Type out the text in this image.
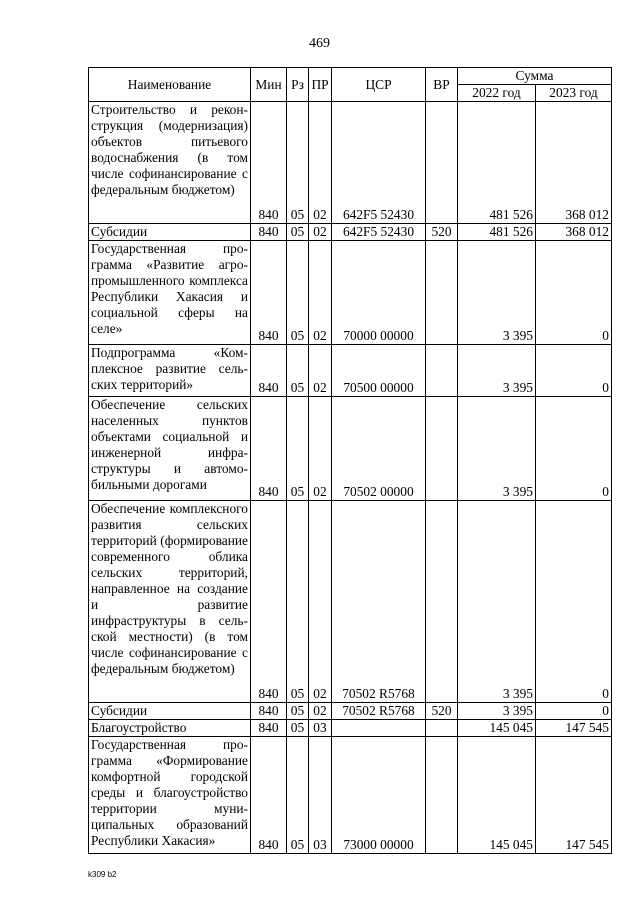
469
Наименование	Мин	Рз	ПР	ЦСР	ВР	Сумма	
						2022 год	2023 год
Строительство и реконструкция (модернизация) объектов питьевого водоснабжения (в том числе софинансирование с федеральным бюджетом)	840	05	02	642F5 52430		481 526	368 012
Субсидии	840	05	02	642F5 52430	520	481 526	368 012
Государственная программа «Развитие агропромышленного комплекса Республики Хакасия и социальной сферы на селе»	840	05	02	70000 00000		3 395	0
Подпрограмма «Комплексное развитие сельских территорий»	840	05	02	70500 00000		3 395	0
Обеспечение сельских населенных пунктов объектами социальной и инженерной инфраструктуры и автомобильными дорогами	840	05	02	70502 00000		3 395	0
Обеспечение комплексного развития сельских территорий (формирование современного облика сельских территорий, направленное на создание и развитие инфраструктуры в сельской местности) (в том числе софинансирование с федеральным бюджетом)	840	05	02	70502 R5768		3 395	0
Субсидии	840	05	02	70502 R5768	520	3 395	0
Благоустройство	840	05	03			145 045	147 545
Государственная программа «Формирование комфортной городской среды и благоустройство территории муниципальных образований Республики Хакасия»	840	05	03	73000 00000		145 045	147 545
k309 b2
